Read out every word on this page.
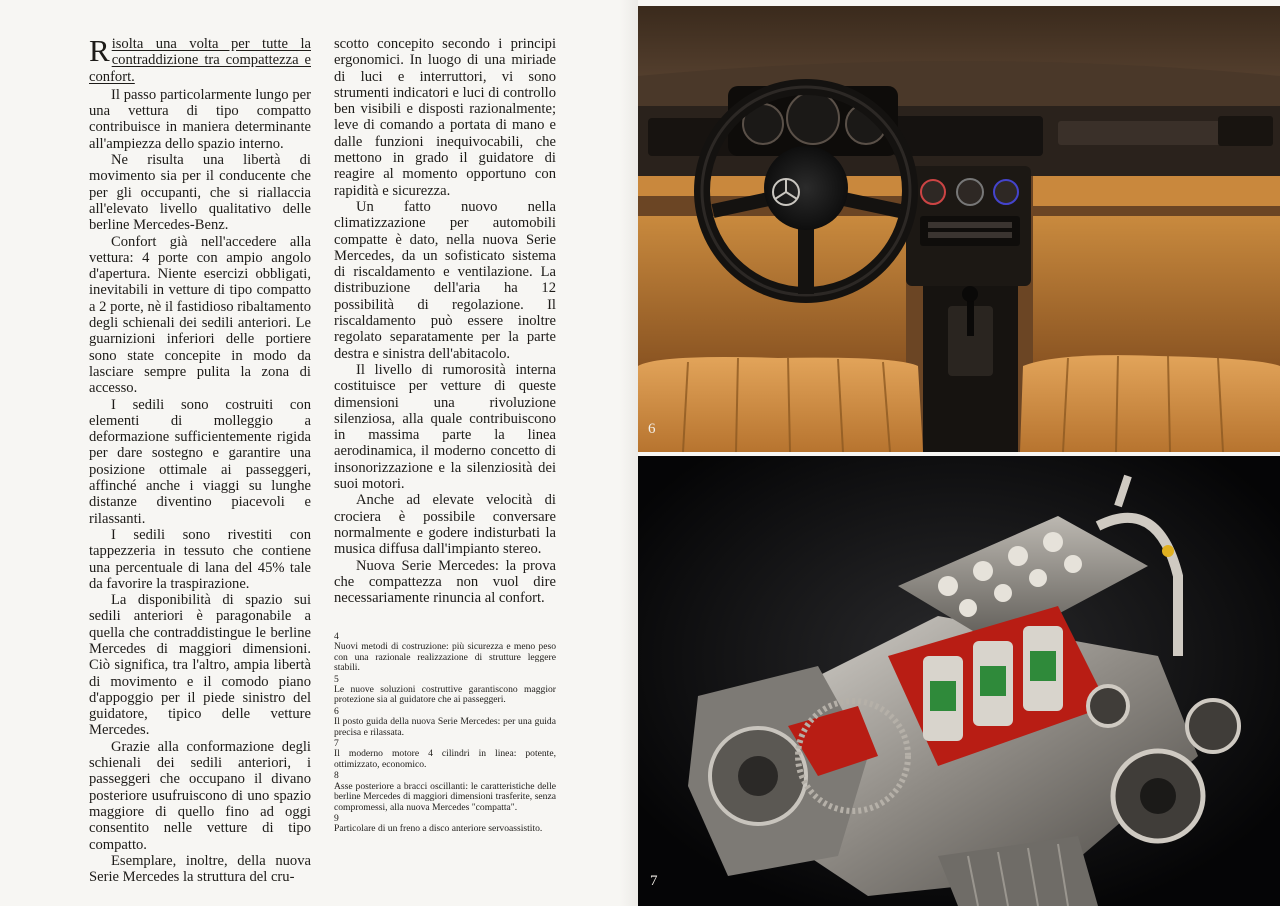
Risolta una volta per tutte la contraddizione tra compattezza e confort.

Il passo particolarmente lungo per una vettura di tipo compatto contribuisce in maniera determinante all'ampiezza dello spazio interno.

Ne risulta una libertà di movimento sia per il conducente che per gli occupanti, che si riallaccia all'elevato livello qualitativo delle berline Mercedes-Benz.

Confort già nell'accedere alla vettura: 4 porte con ampio angolo d'apertura. Niente esercizi obbligati, inevitabili in vetture di tipo compatto a 2 porte, nè il fastidioso ribaltamento degli schienali dei sedili anteriori. Le guarnizioni inferiori delle portiere sono state concepite in modo da lasciare sempre pulita la zona di accesso.

I sedili sono costruiti con elementi di molleggio a deformazione sufficientemente rigida per dare sostegno e garantire una posizione ottimale ai passeggeri, affinché anche i viaggi su lunghe distanze diventino piacevoli e rilassanti.

I sedili sono rivestiti con tappezzeria in tessuto che contiene una percentuale di lana del 45% tale da favorire la traspirazione.

La disponibilità di spazio sui sedili anteriori è paragonabile a quella che contraddistingue le berline Mercedes di maggiori dimensioni. Ciò significa, tra l'altro, ampia libertà di movimento e il comodo piano d'appoggio per il piede sinistro del guidatore, tipico delle vetture Mercedes.

Grazie alla conformazione degli schienali dei sedili anteriori, i passeggeri che occupano il divano posteriore usufruiscono di uno spazio maggiore di quello fino ad oggi consentito nelle vetture di tipo compatto.

Esemplare, inoltre, della nuova Serie Mercedes la struttura del cru-

scotto concepito secondo i principi ergonomici. In luogo di una miriade di luci e interruttori, vi sono strumenti indicatori e luci di controllo ben visibili e disposti razionalmente; leve di comando a portata di mano e dalle funzioni inequivocabili, che mettono in grado il guidatore di reagire al momento opportuno con rapidità e sicurezza.

Un fatto nuovo nella climatizzazione per automobili compatte è dato, nella nuova Serie Mercedes, da un sofisticato sistema di riscaldamento e ventilazione. La distribuzione dell'aria ha 12 possibilità di regolazione. Il riscaldamento può essere inoltre regolato separatamente per la parte destra e sinistra dell'abitacolo.

Il livello di rumorosità interna costituisce per vetture di queste dimensioni una rivoluzione silenziosa, alla quale contribuiscono in massima parte la linea aerodinamica, il moderno concetto di insonorizzazione e la silenziosità dei suoi motori.

Anche ad elevate velocità di crociera è possibile conversare normalmente e godere indisturbati la musica diffusa dall'impianto stereo.

Nuova Serie Mercedes: la prova che compattezza non vuol dire necessariamente rinuncia al confort.

4
Nuovi metodi di costruzione: più sicurezza e meno peso con una razionale realizzazione di strutture leggere stabili.
5
Le nuove soluzioni costruttive garantiscono maggior protezione sia al guidatore che ai passeggeri.
6
Il posto guida della nuova Serie Mercedes: per una guida precisa e rilassata.
7
Il moderno motore 4 cilindri in linea: potente, ottimizzato, economico.
8
Asse posteriore a bracci oscillanti: le caratteristiche delle berline Mercedes di maggiori dimensioni trasferite, senza compromessi, alla nuova Mercedes "compatta".
9
Particolare di un freno a disco anteriore servoassistito.
6
7
